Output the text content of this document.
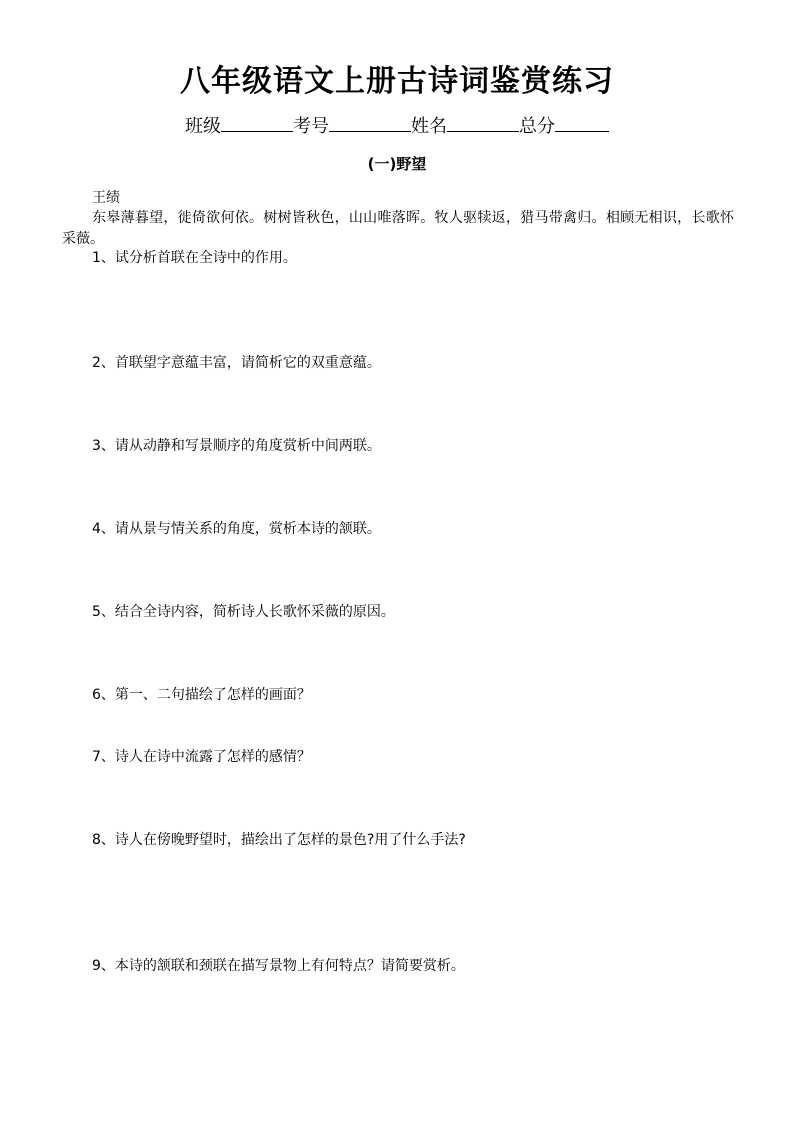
八年级语文上册古诗词鉴赏练习
班级	考号	姓名	总分
(一)野望
王绩
东皋薄暮望，徙倚欲何依。树树皆秋色，山山唯落晖。牧人驱犊返，猎马带禽归。相顾无相识，长歌怀采薇。
1、试分析首联在全诗中的作用。
2、首联望字意蕴丰富，请简析它的双重意蕴。
3、请从动静和写景顺序的角度赏析中间两联。
4、请从景与情关系的角度，赏析本诗的颔联。
5、结合全诗内容，简析诗人长歌怀采薇的原因。
6、第一、二句描绘了怎样的画面？
7、诗人在诗中流露了怎样的感情？
8、诗人在傍晚野望时，描绘出了怎样的景色?用了什么手法?
9、本诗的颔联和颈联在描写景物上有何特点？请简要赏析。
